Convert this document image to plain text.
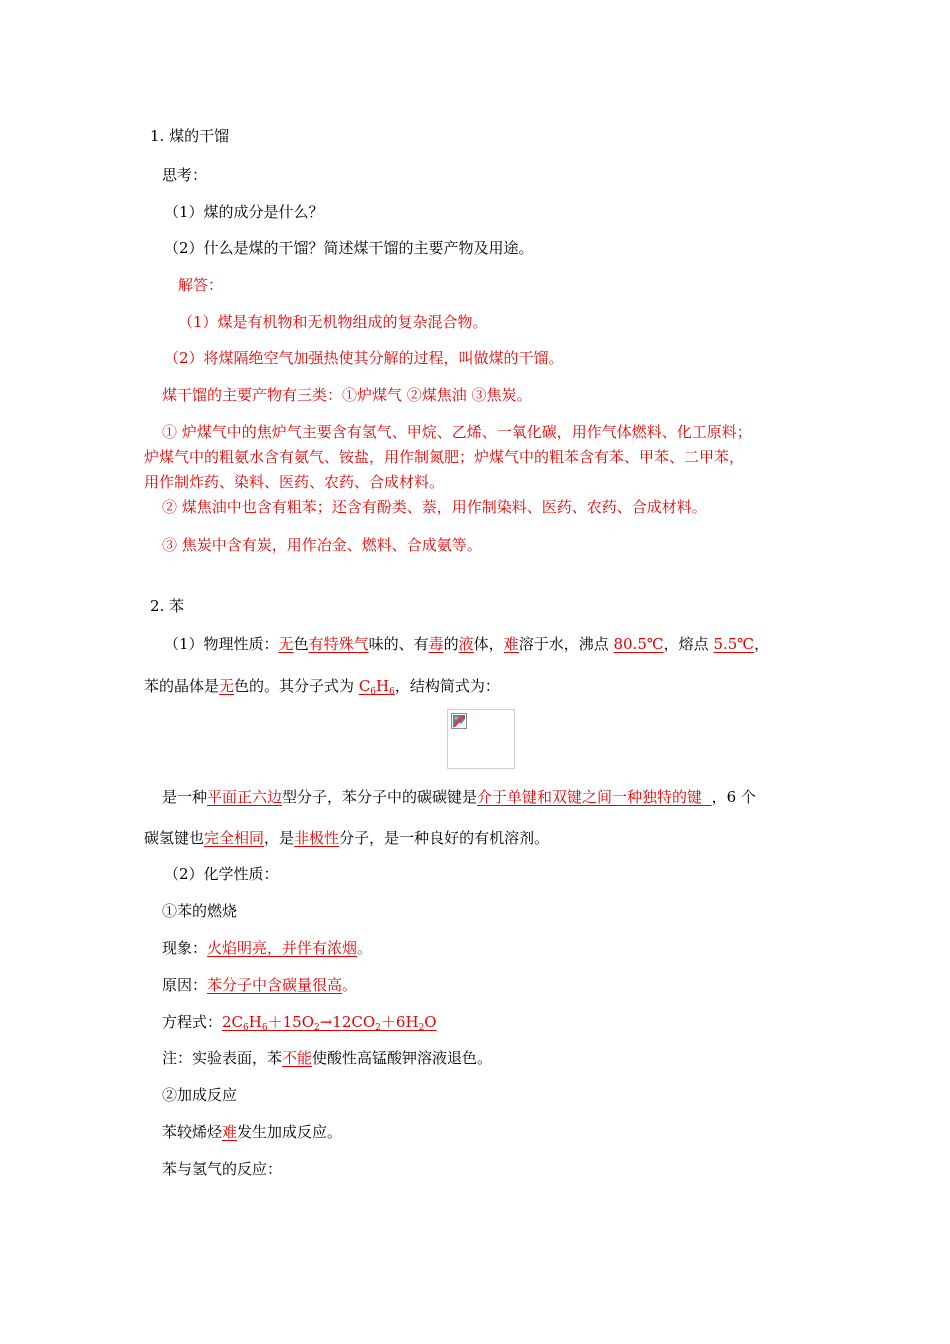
1. 煤的干馏
思考：
（1）煤的成分是什么？
（2）什么是煤的干馏？简述煤干馏的主要产物及用途。
解答：
（1）煤是有机物和无机物组成的复杂混合物。
（2）将煤隔绝空气加强热使其分解的过程，叫做煤的干馏。
煤干馏的主要产物有三类：①炉煤气 ②煤焦油 ③焦炭。
① 炉煤气中的焦炉气主要含有氢气、甲烷、乙烯、一氧化碳，用作气体燃料、化工原料；
炉煤气中的粗氨水含有氨气、铵盐，用作制氮肥；炉煤气中的粗苯含有苯、甲苯、二甲苯，
用作制炸药、染料、医药、农药、合成材料。
② 煤焦油中也含有粗苯；还含有酚类、萘，用作制染料、医药、农药、合成材料。
③ 焦炭中含有炭，用作冶金、燃料、合成氨等。
2. 苯
（1）物理性质：无色有特殊气味的、有毒的液体，难溶于水，沸点 80.5℃，熔点 5.5℃，
苯的晶体是无色的。其分子式为 $C_6H_6$，结构简式为：
是一种平面正六边型分子，苯分子中的碳碳键是介于单键和双键之间一种独特的键 ，6 个
碳氢键也完全相同，是非极性分子，是一种良好的有机溶剂。
（2）化学性质：
①苯的燃烧
现象：火焰明亮，并伴有浓烟。
原因：苯分子中含碳量很高。
方程式：$2C_6H_6+15O_2\to 12CO_2+6H_2O$
注：实验表面，苯不能使酸性高锰酸钾溶液退色。
②加成反应
苯较烯烃难发生加成反应。
苯与氢气的反应：
